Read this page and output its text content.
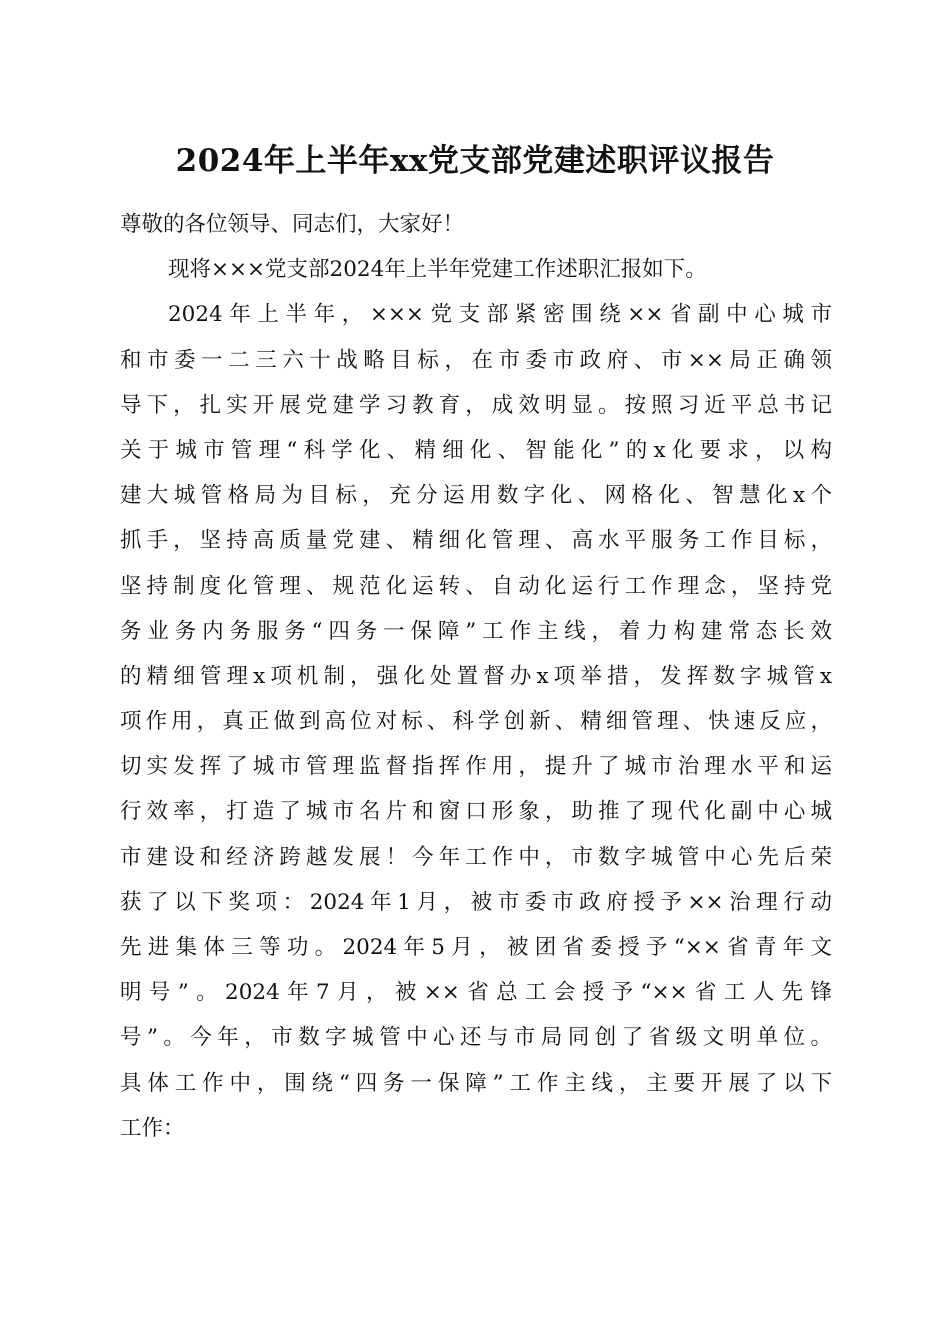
2024年上半年xx党支部党建述职评议报告
尊敬的各位领导、同志们，大家好！
现将×××党支部2024年上半年党建工作述职汇报如下。
2024年上半年，×××党支部紧密围绕××省副中心城市
和市委一二三六十战略目标，在市委市政府、市××局正确领
导下，扎实开展党建学习教育，成效明显。按照习近平总书记
关于城市管理“科学化、精细化、智能化”的x化要求，以构
建大城管格局为目标，充分运用数字化、网格化、智慧化x个
抓手，坚持高质量党建、精细化管理、高水平服务工作目标，
坚持制度化管理、规范化运转、自动化运行工作理念，坚持党
务业务内务服务“四务一保障”工作主线，着力构建常态长效
的精细管理x项机制，强化处置督办x项举措，发挥数字城管x
项作用，真正做到高位对标、科学创新、精细管理、快速反应，
切实发挥了城市管理监督指挥作用，提升了城市治理水平和运
行效率，打造了城市名片和窗口形象，助推了现代化副中心城
市建设和经济跨越发展！今年工作中，市数字城管中心先后荣
获了以下奖项：2024年1月，被市委市政府授予××治理行动
先进集体三等功。2024年5月，被团省委授予“××省青年文
明号”。2024年7月，被××省总工会授予“××省工人先锋
号”。今年，市数字城管中心还与市局同创了省级文明单位。
具体工作中，围绕“四务一保障”工作主线，主要开展了以下
工作：
